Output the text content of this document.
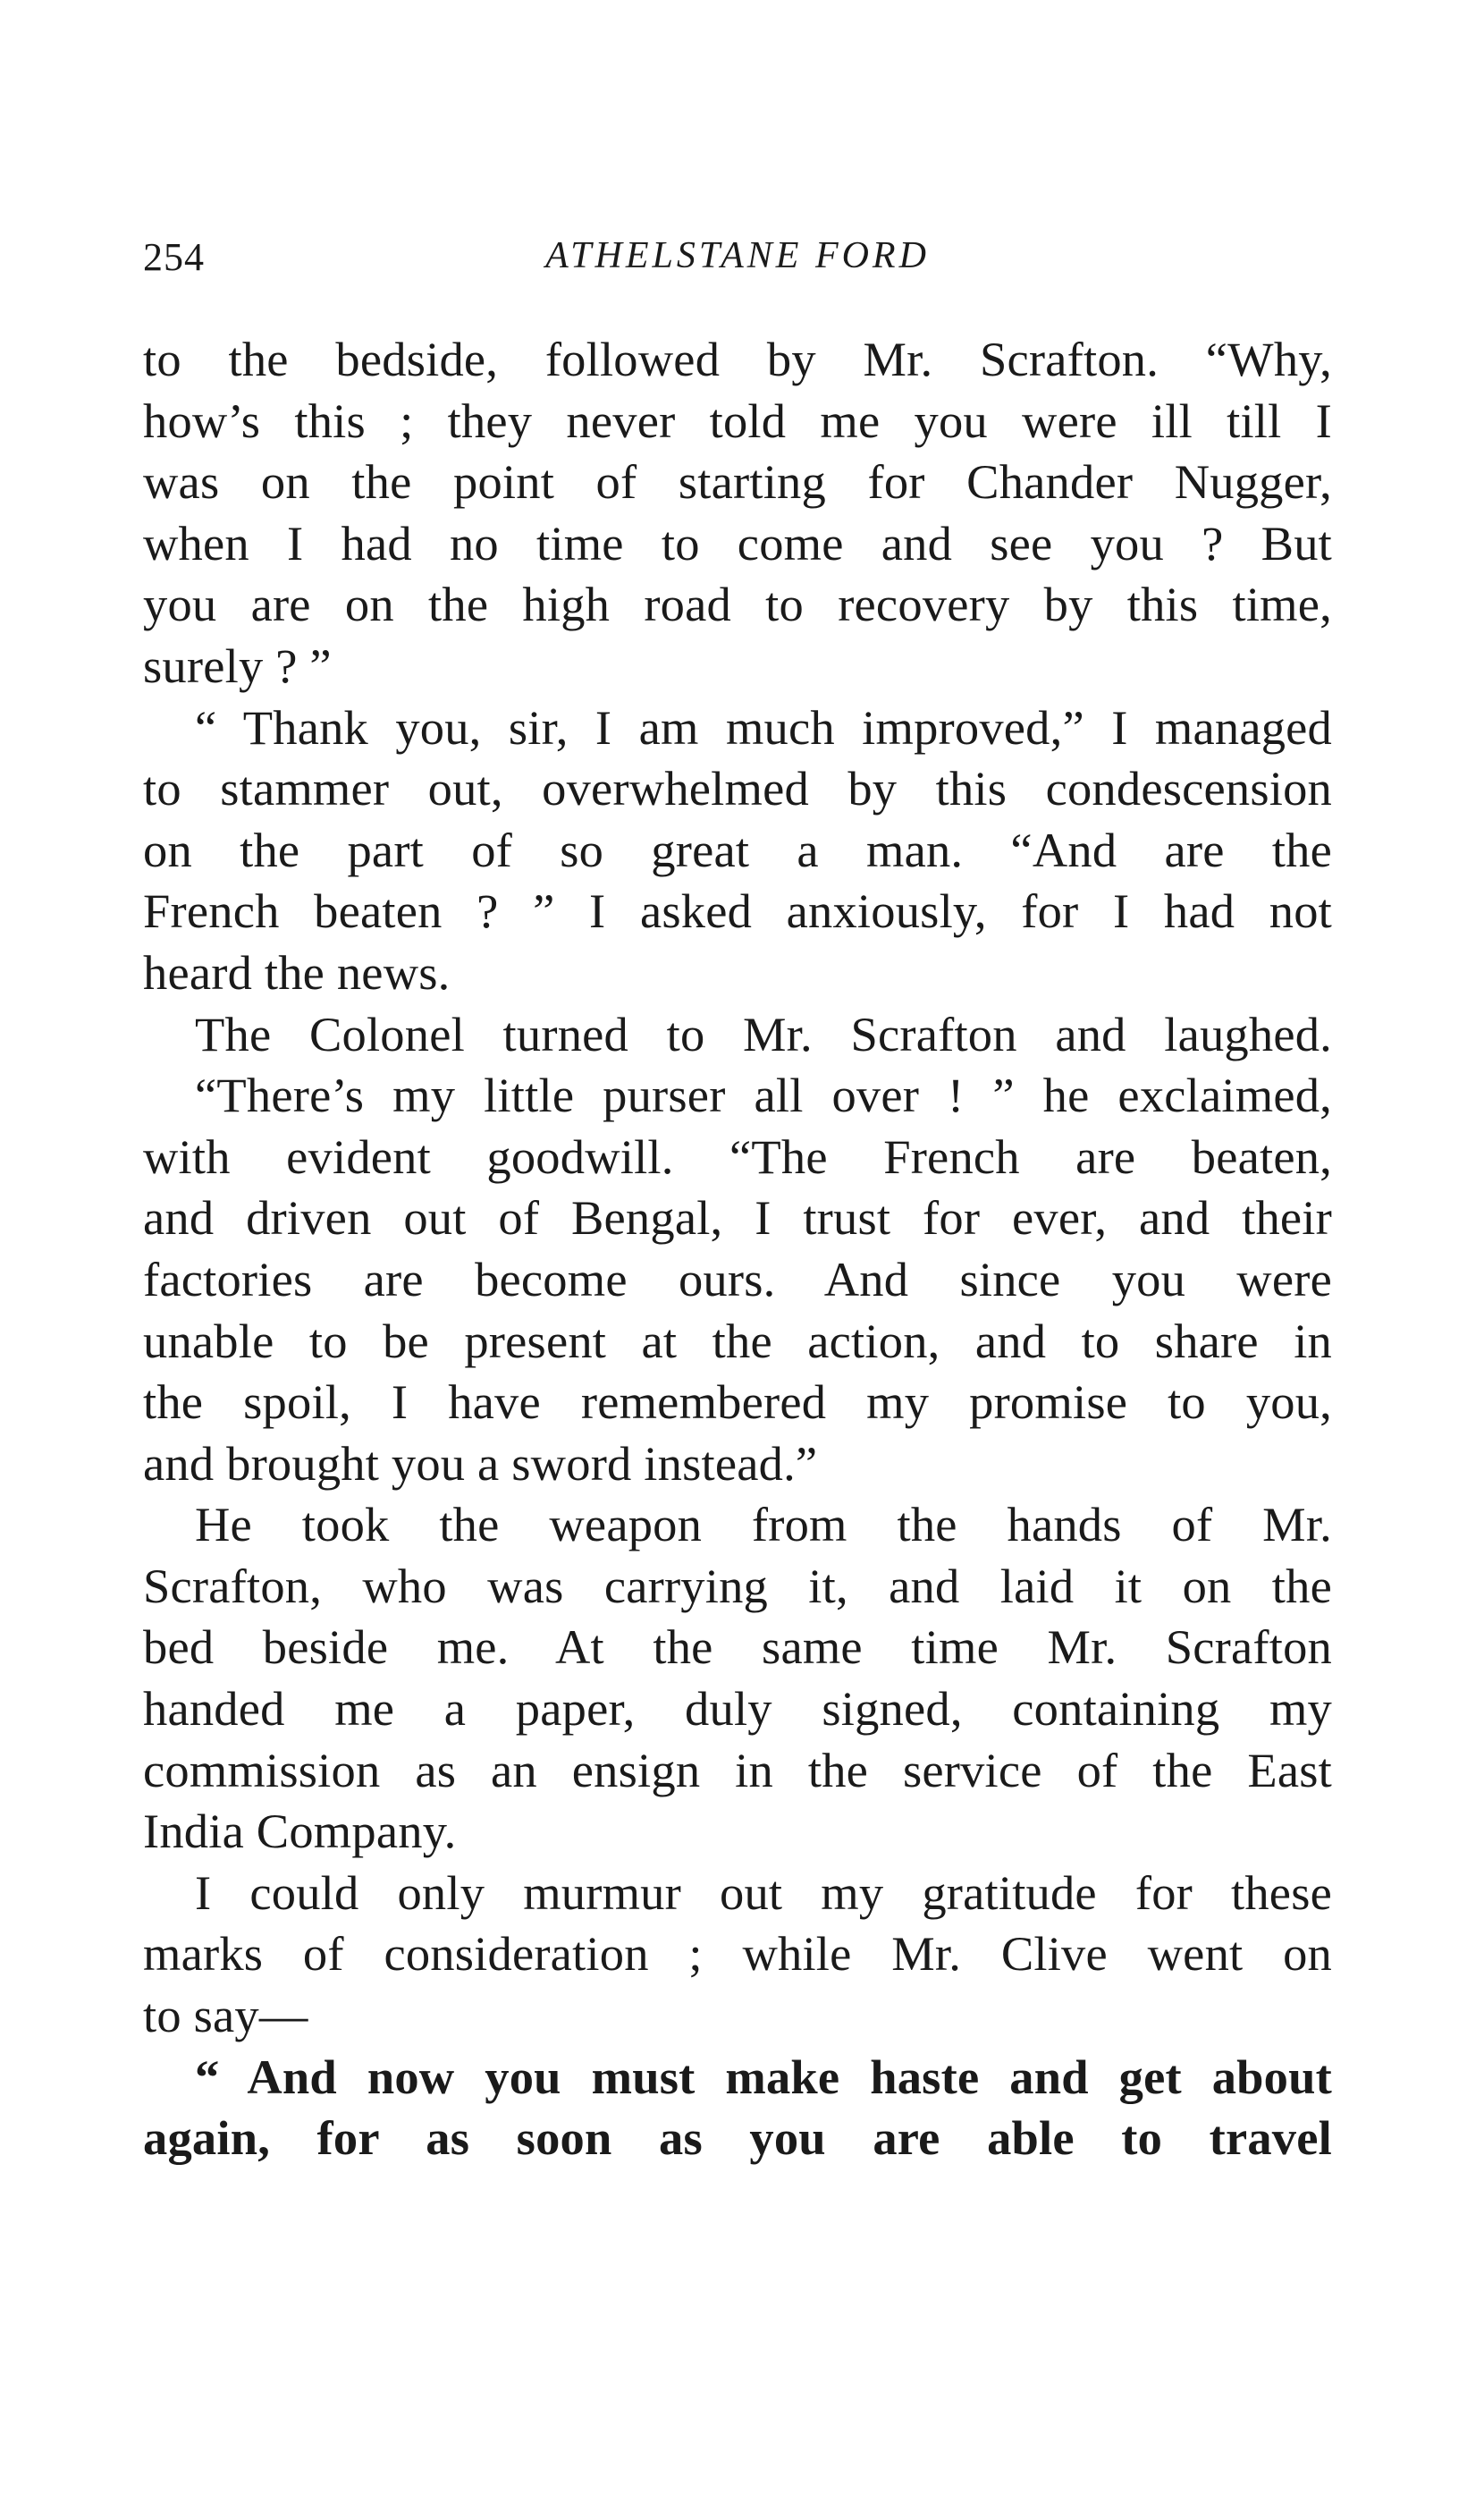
254	ATHELSTANE FORD

to the bedside, followed by Mr. Scrafton. “Why,
how’s this ; they never told me you were ill till I
was on the point of starting for Chander Nugger,
when I had no time to come and see you ? But
you are on the high road to recovery by this time,
surely ? ”

“ Thank you, sir, I am much improved,” I managed
to stammer out, overwhelmed by this condescension
on the part of so great a man. “And are the
French beaten ? ” I asked anxiously, for I had not
heard the news.

The Colonel turned to Mr. Scrafton and laughed.

“There’s my little purser all over ! ” he exclaimed,
with evident goodwill. “The French are beaten,
and driven out of Bengal, I trust for ever, and their
factories are become ours. And since you were
unable to be present at the action, and to share in
the spoil, I have remembered my promise to you,
and brought you a sword instead.”

He took the weapon from the hands of Mr.
Scrafton, who was carrying it, and laid it on the
bed beside me. At the same time Mr. Scrafton
handed me a paper, duly signed, containing my
commission as an ensign in the service of the East
India Company.

I could only murmur out my gratitude for these
marks of consideration ; while Mr. Clive went on
to say—

“ And now you must make haste and get about
again, for as soon as you are able to travel
